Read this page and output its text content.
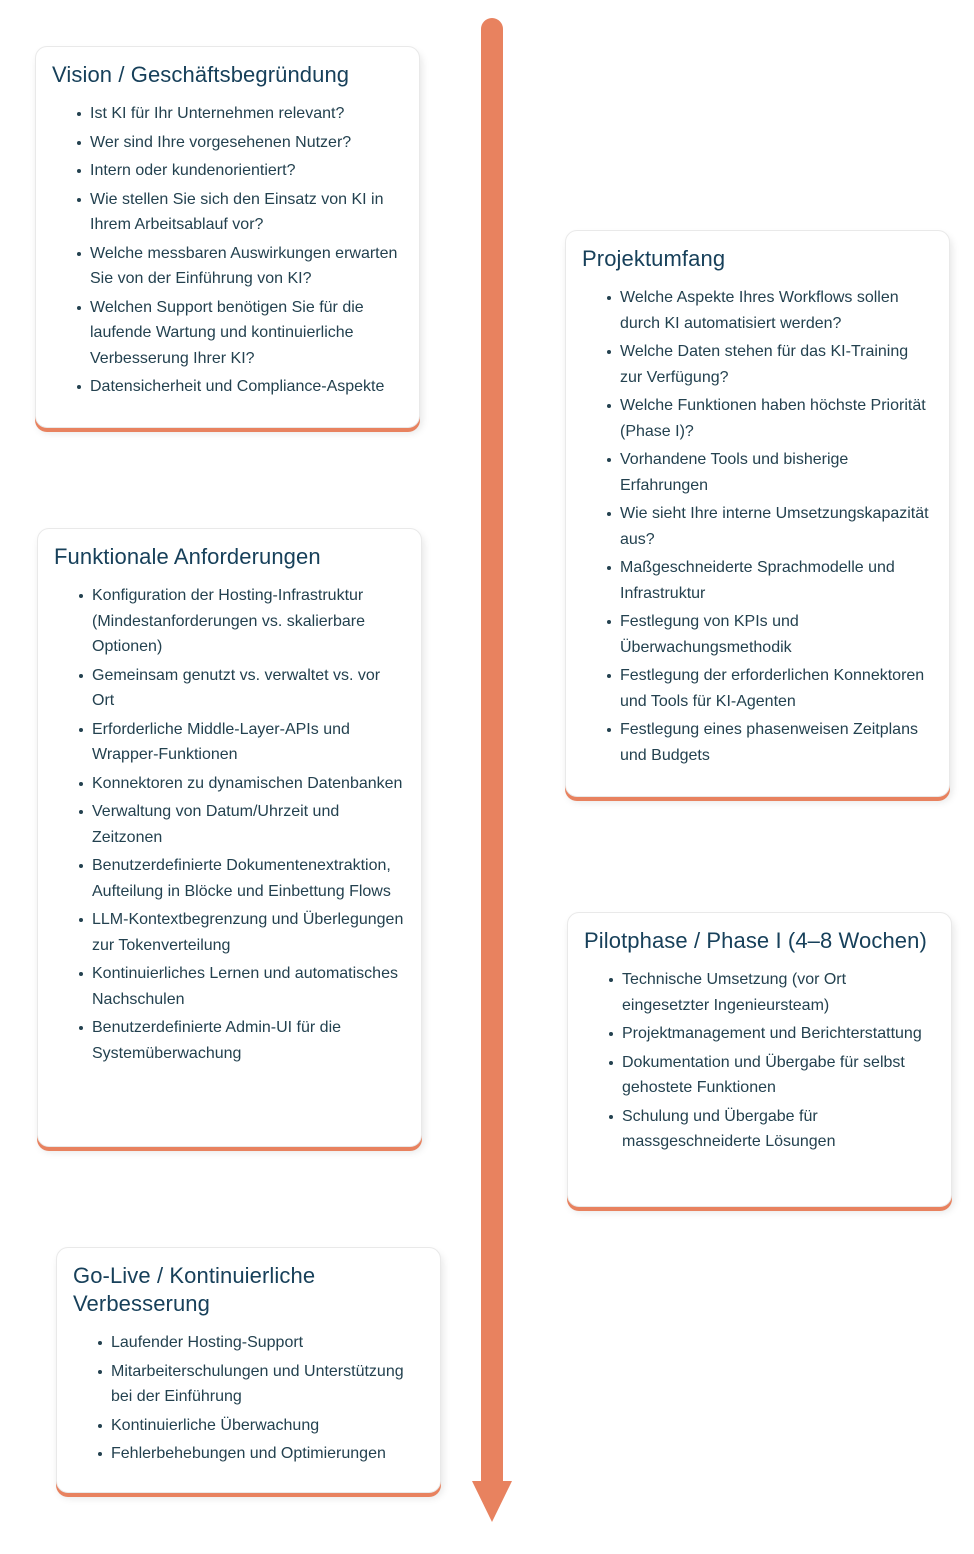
Vision / Geschäftsbegründung
Ist KI für Ihr Unternehmen relevant?
Wer sind Ihre vorgesehenen Nutzer?
Intern oder kundenorientiert?
Wie stellen Sie sich den Einsatz von KI in Ihrem Arbeitsablauf vor?
Welche messbaren Auswirkungen erwarten Sie von der Einführung von KI?
Welchen Support benötigen Sie für die laufende Wartung und kontinuierliche Verbesserung Ihrer KI?
Datensicherheit und Compliance-Aspekte
Projektumfang
Welche Aspekte Ihres Workflows sollen durch KI automatisiert werden?
Welche Daten stehen für das KI-Training zur Verfügung?
Welche Funktionen haben höchste Priorität (Phase I)?
Vorhandene Tools und bisherige Erfahrungen
Wie sieht Ihre interne Umsetzungskapazität aus?
Maßgeschneiderte Sprachmodelle und Infrastruktur
Festlegung von KPIs und Überwachungsmethodik
Festlegung der erforderlichen Konnektoren und Tools für KI-Agenten
Festlegung eines phasenweisen Zeitplans und Budgets
Funktionale Anforderungen
Konfiguration der Hosting-Infrastruktur (Mindestanforderungen vs. skalierbare Optionen)
Gemeinsam genutzt vs. verwaltet vs. vor Ort
Erforderliche Middle-Layer-APIs und Wrapper-Funktionen
Konnektoren zu dynamischen Datenbanken
Verwaltung von Datum/Uhrzeit und Zeitzonen
Benutzerdefinierte Dokumentenextraktion, Aufteilung in Blöcke und Einbettung Flows
LLM-Kontextbegrenzung und Überlegungen zur Tokenverteilung
Kontinuierliches Lernen und automatisches Nachschulen
Benutzerdefinierte Admin-UI für die Systemüberwachung
Pilotphase / Phase I (4–8 Wochen)
Technische Umsetzung (vor Ort eingesetzter Ingenieursteam)
Projektmanagement und Berichterstattung
Dokumentation und Übergabe für selbst gehostete Funktionen
Schulung und Übergabe für massgeschneiderte Lösungen
Go-Live / Kontinuierliche Verbesserung
Laufender Hosting-Support
Mitarbeiterschulungen und Unterstützung bei der Einführung
Kontinuierliche Überwachung
Fehlerbehebungen und Optimierungen
